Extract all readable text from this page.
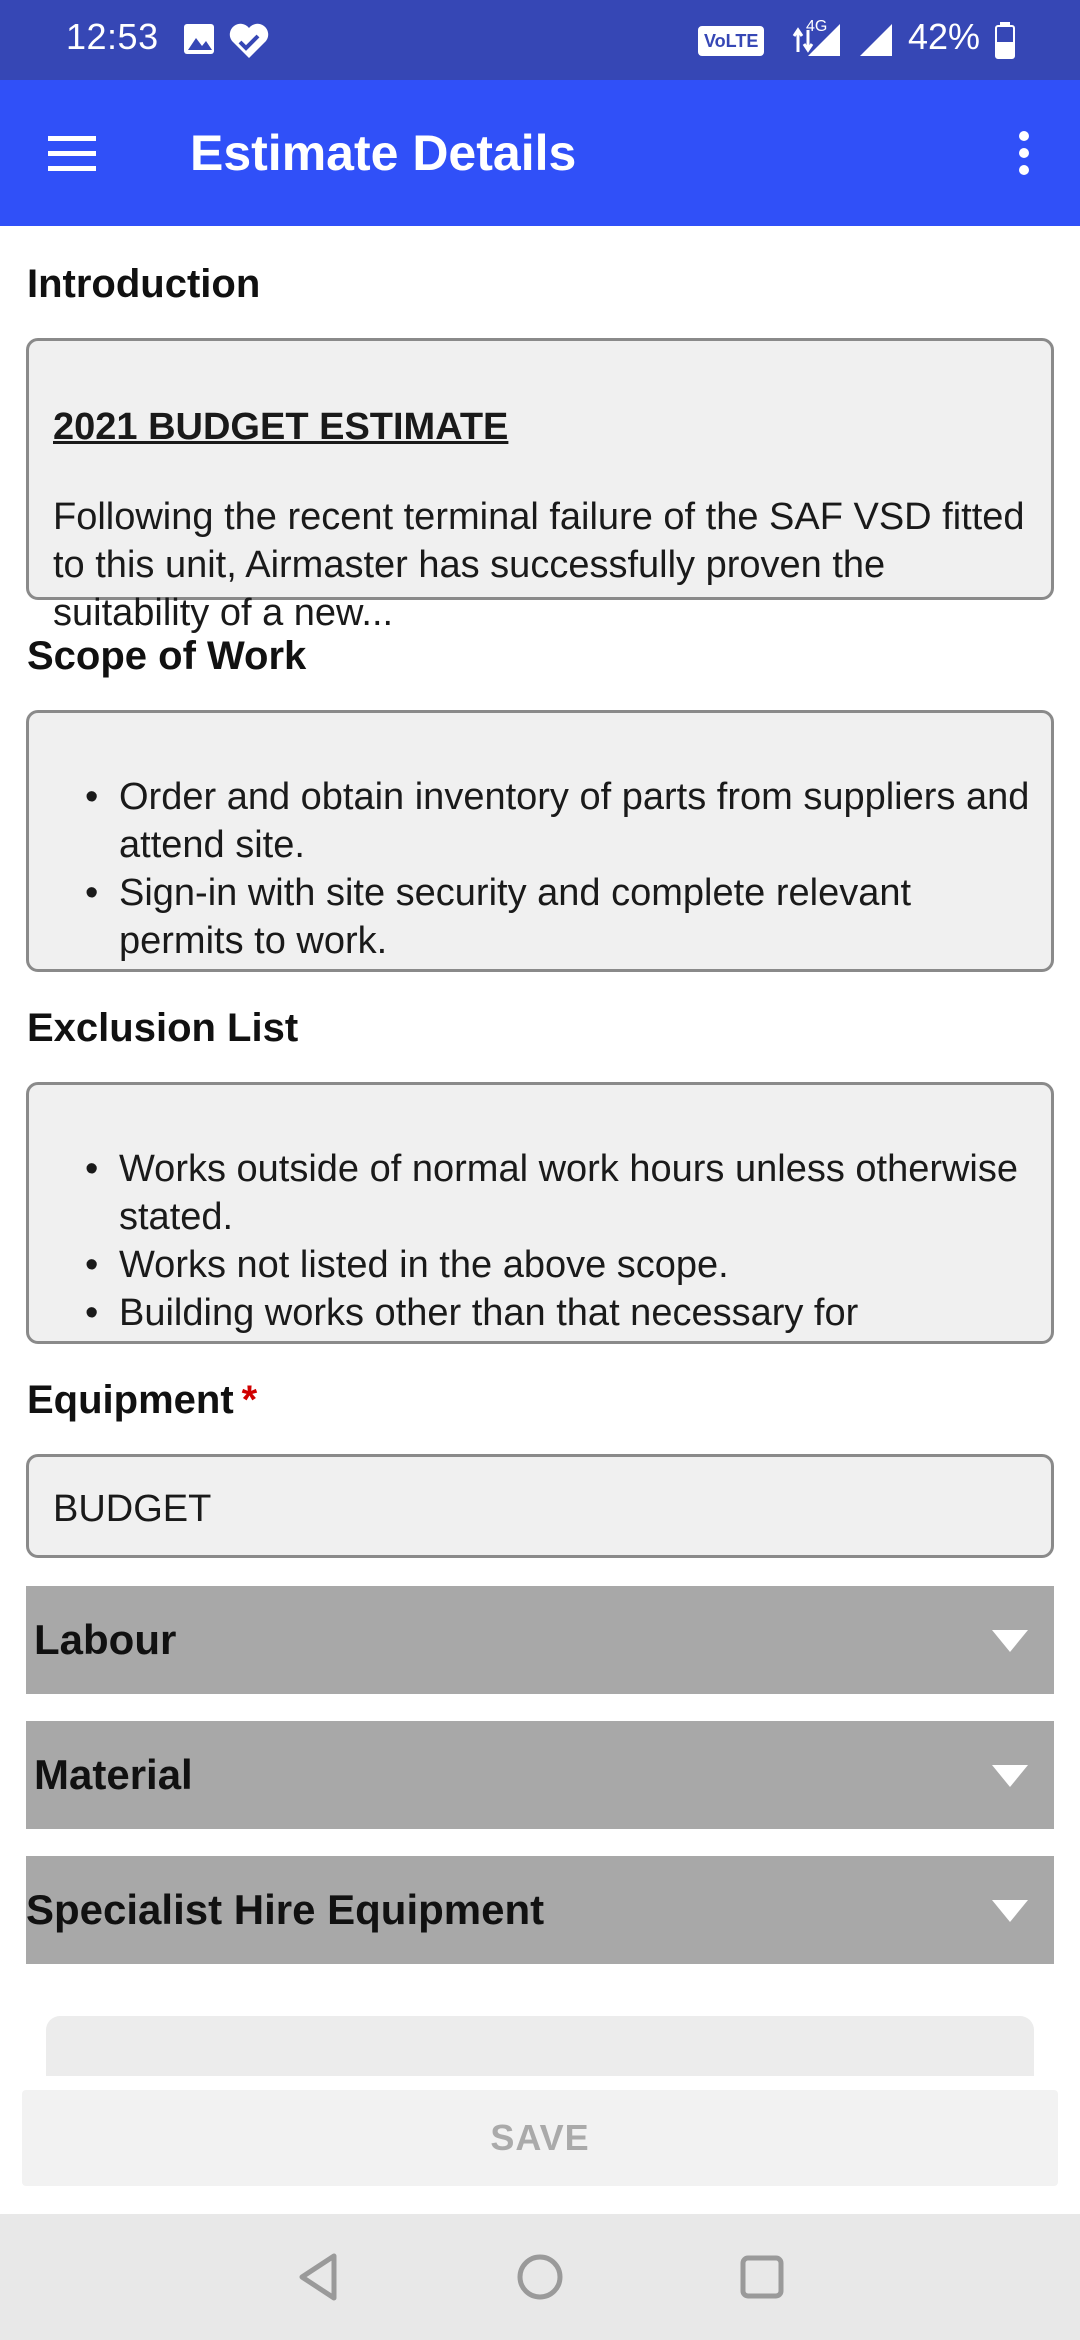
12:53	VoLTE
4G 42%
Estimate Details
Introduction
2021 BUDGET ESTIMATE
Following the recent terminal failure of the SAF VSD fitted to this unit, Airmaster has successfully proven the suitability of a new...
Scope of Work
• Order and obtain inventory of parts from suppliers and attend site.
• Sign-in with site security and complete relevant permits to work.
Exclusion List
• Works outside of normal work hours unless otherwise stated.
• Works not listed in the above scope.
• Building works other than that necessary for
Equipment *
BUDGET
Labour
Material
Specialist Hire Equipment
SAVE
